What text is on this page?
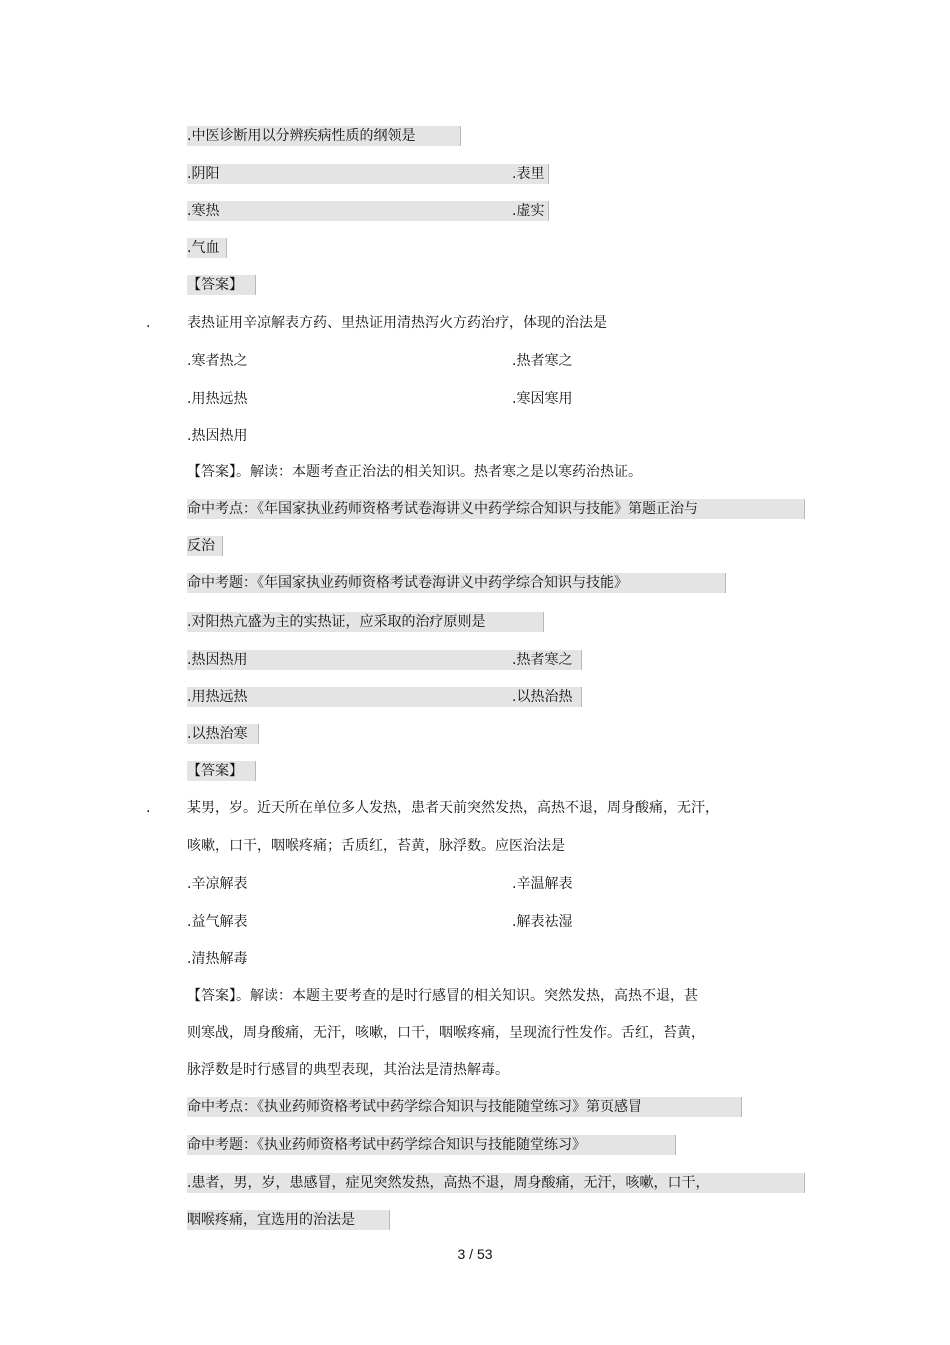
.中医诊断用以分辨疾病性质的纲领是
.阴阳	.表里
.寒热	.虚实
.气血
【答案】
.	表热证用辛凉解表方药、里热证用清热泻火方药治疗，体现的治法是
.寒者热之	.热者寒之
.用热远热	.寒因寒用
.热因热用
【答案】。解读：本题考查正治法的相关知识。热者寒之是以寒药治热证。
命中考点：《年国家执业药师资格考试卷海讲义中药学综合知识与技能》第题正治与
反治
命中考题：《年国家执业药师资格考试卷海讲义中药学综合知识与技能》
.对阳热亢盛为主的实热证，应采取的治疗原则是
.热因热用	.热者寒之
.用热远热	.以热治热
.以热治寒
【答案】
.	某男，岁。近天所在单位多人发热，患者天前突然发热，高热不退，周身酸痛，无汗，
咳嗽，口干，咽喉疼痛；舌质红，苔黄，脉浮数。应医治法是
.辛凉解表	.辛温解表
.益气解表	.解表祛湿
.清热解毒
【答案】。解读：本题主要考查的是时行感冒的相关知识。突然发热，高热不退，甚
则寒战，周身酸痛，无汗，咳嗽，口干，咽喉疼痛，呈现流行性发作。舌红，苔黄，
脉浮数是时行感冒的典型表现，其治法是清热解毒。
命中考点：《执业药师资格考试中药学综合知识与技能随堂练习》第页感冒
命中考题：《执业药师资格考试中药学综合知识与技能随堂练习》
.患者，男，岁，患感冒，症见突然发热，高热不退，周身酸痛，无汗，咳嗽，口干，
咽喉疼痛，宜选用的治法是
3 / 53
